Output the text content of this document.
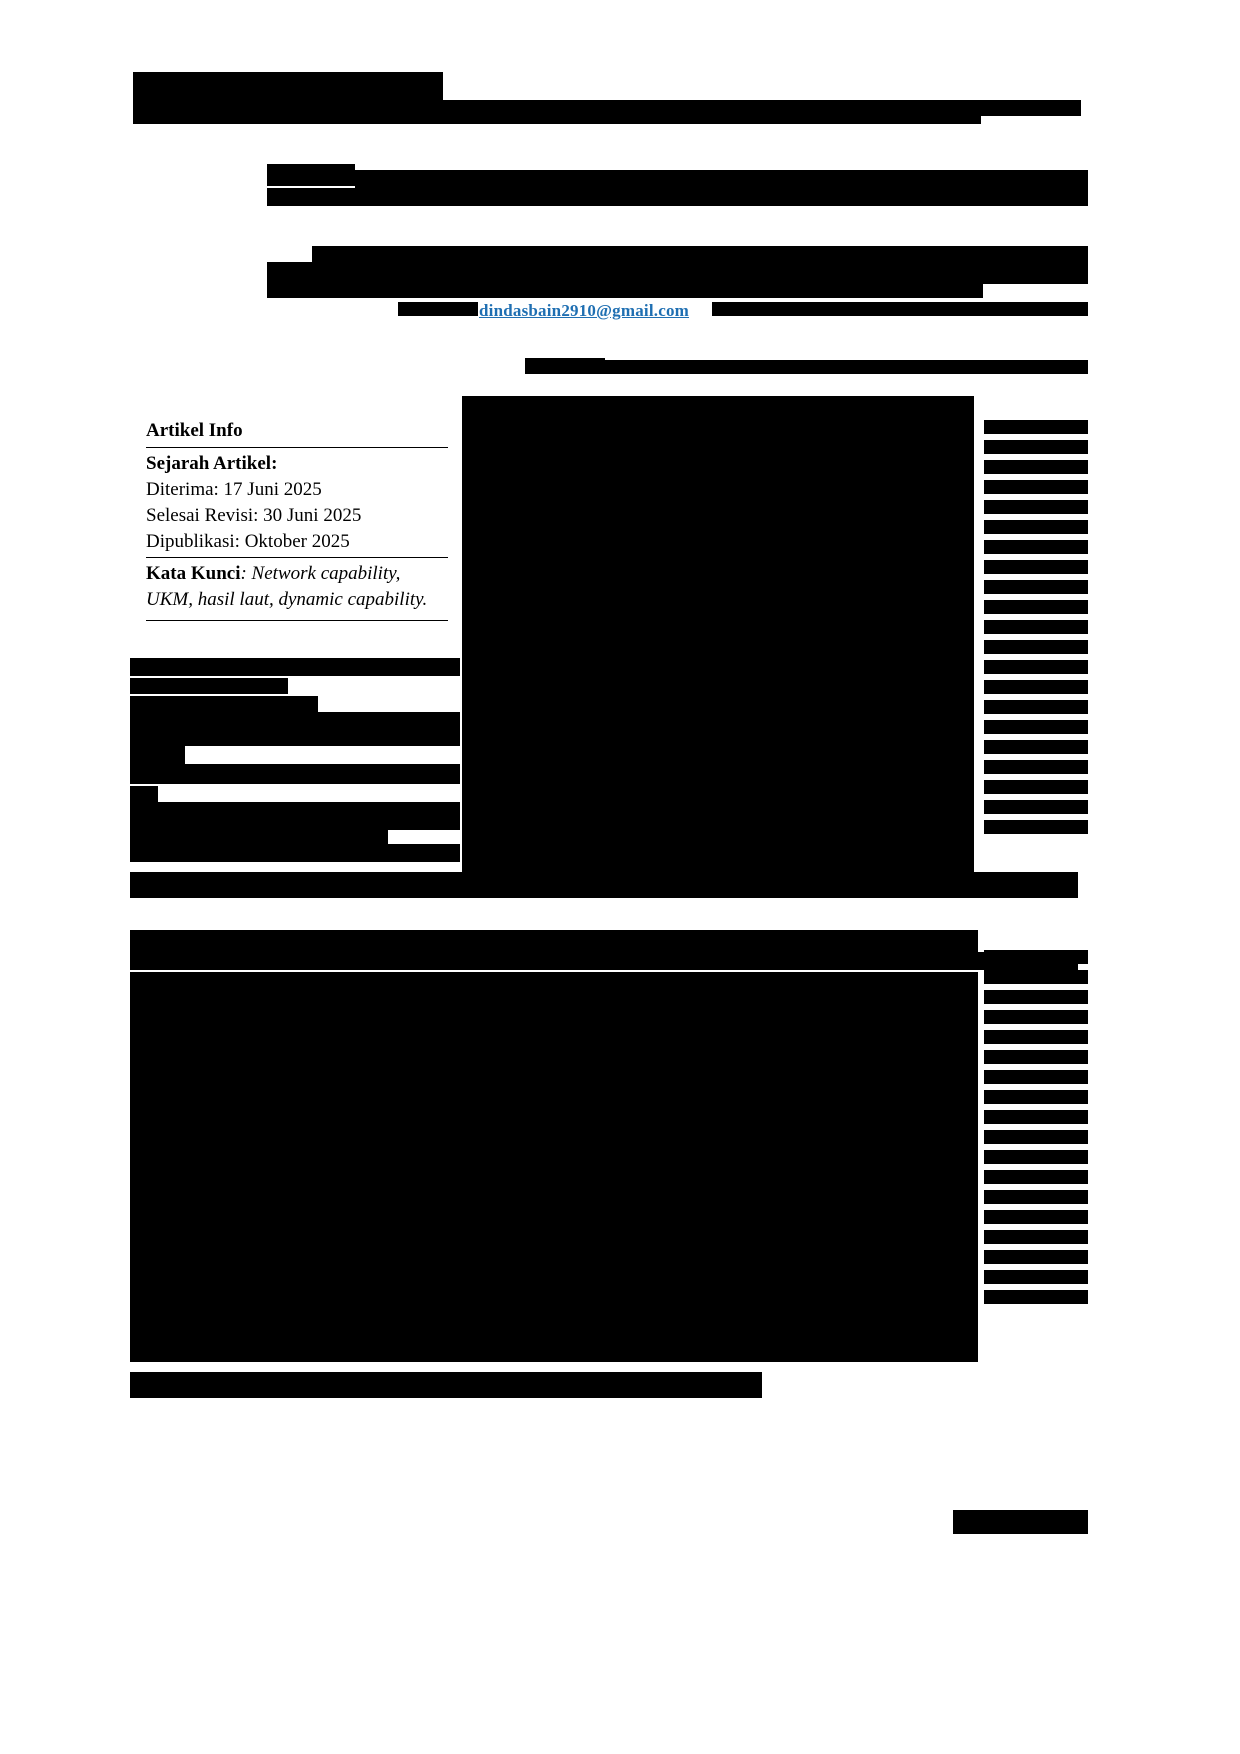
dindasbain2910@gmail.com
Artikel Info
Sejarah Artikel:
Diterima: 17 Juni 2025
Selesai Revisi: 30 Juni 2025
Dipublikasi: Oktober 2025
Kata Kunci: Network capability, UKM, hasil laut, dynamic capability.
